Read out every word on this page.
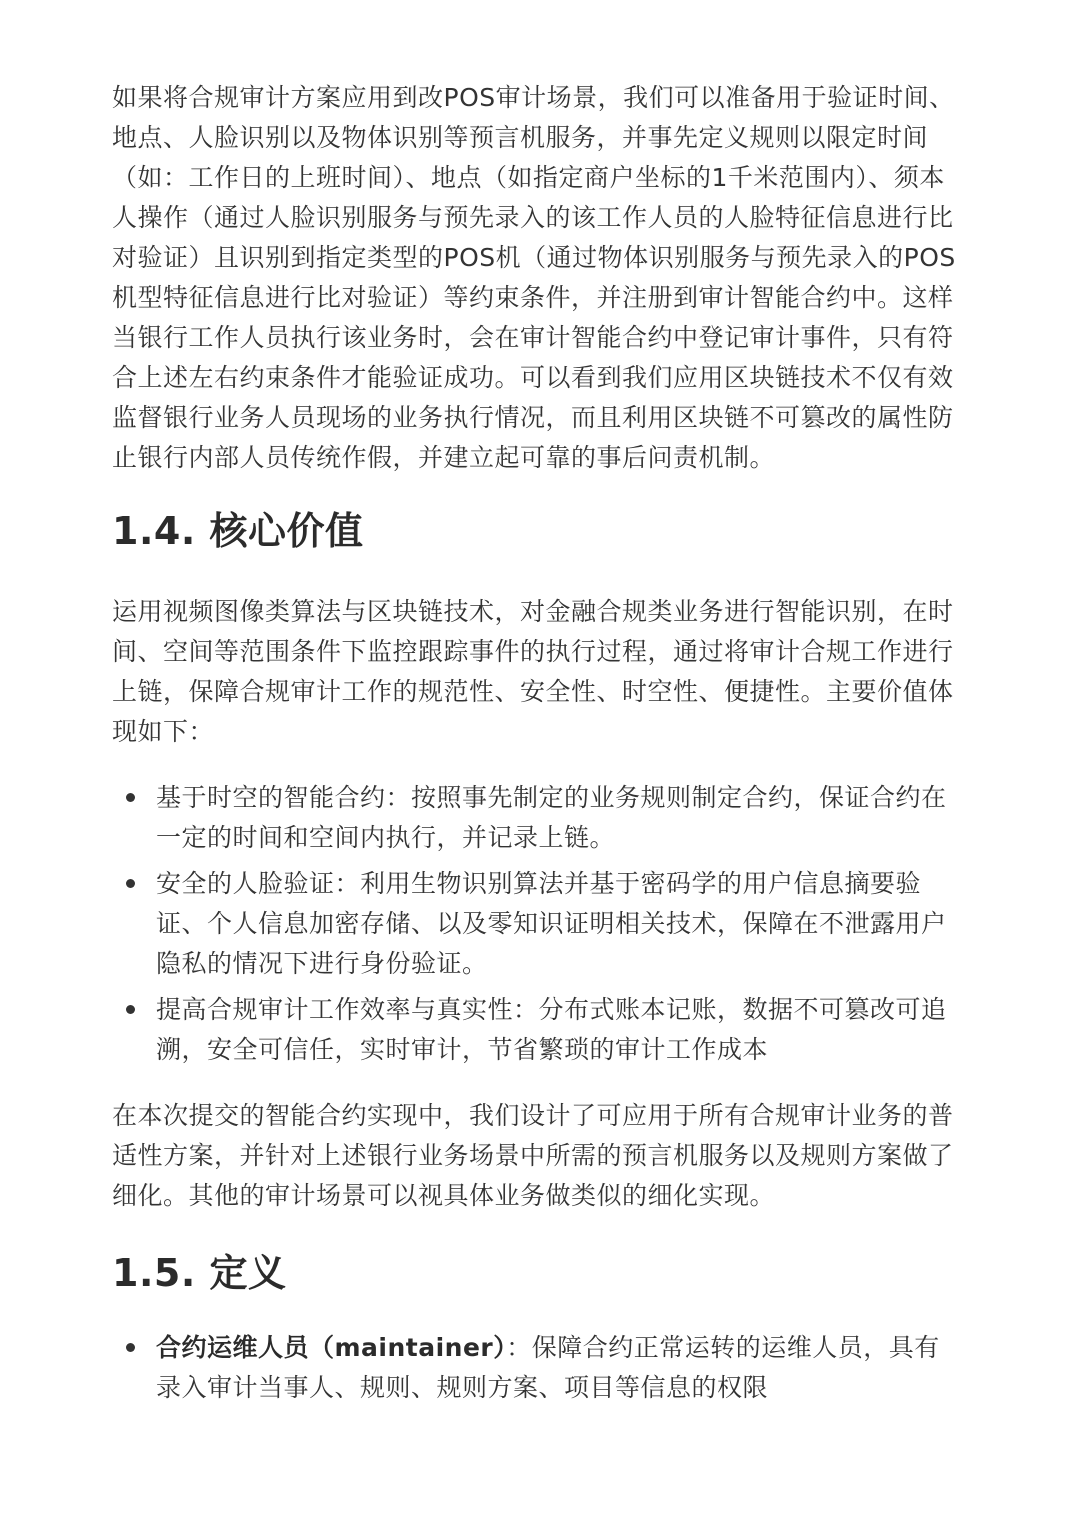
如果将合规审计方案应用到改POS审计场景，我们可以准备用于验证时间、地点、人脸识别以及物体识别等预言机服务，并事先定义规则以限定时间（如：工作日的上班时间）、地点（如指定商户坐标的1千米范围内）、须本人操作（通过人脸识别服务与预先录入的该工作人员的人脸特征信息进行比对验证）且识别到指定类型的POS机（通过物体识别服务与预先录入的POS机型特征信息进行比对验证）等约束条件，并注册到审计智能合约中。这样当银行工作人员执行该业务时，会在审计智能合约中登记审计事件，只有符合上述左右约束条件才能验证成功。可以看到我们应用区块链技术不仅有效监督银行业务人员现场的业务执行情况，而且利用区块链不可篡改的属性防止银行内部人员传统作假，并建立起可靠的事后问责机制。

1.4. 核心价值

运用视频图像类算法与区块链技术，对金融合规类业务进行智能识别，在时间、空间等范围条件下监控跟踪事件的执行过程，通过将审计合规工作进行上链，保障合规审计工作的规范性、安全性、时空性、便捷性。主要价值体现如下：

基于时空的智能合约：按照事先制定的业务规则制定合约，保证合约在一定的时间和空间内执行，并记录上链。
安全的人脸验证：利用生物识别算法并基于密码学的用户信息摘要验证、个人信息加密存储、以及零知识证明相关技术，保障在不泄露用户隐私的情况下进行身份验证。
提高合规审计工作效率与真实性：分布式账本记账，数据不可篡改可追溯，安全可信任，实时审计，节省繁琐的审计工作成本

在本次提交的智能合约实现中，我们设计了可应用于所有合规审计业务的普适性方案，并针对上述银行业务场景中所需的预言机服务以及规则方案做了细化。其他的审计场景可以视具体业务做类似的细化实现。

1.5. 定义
合约运维人员（maintainer）：保障合约正常运转的运维人员，具有录入审计当事人、规则、规则方案、项目等信息的权限
